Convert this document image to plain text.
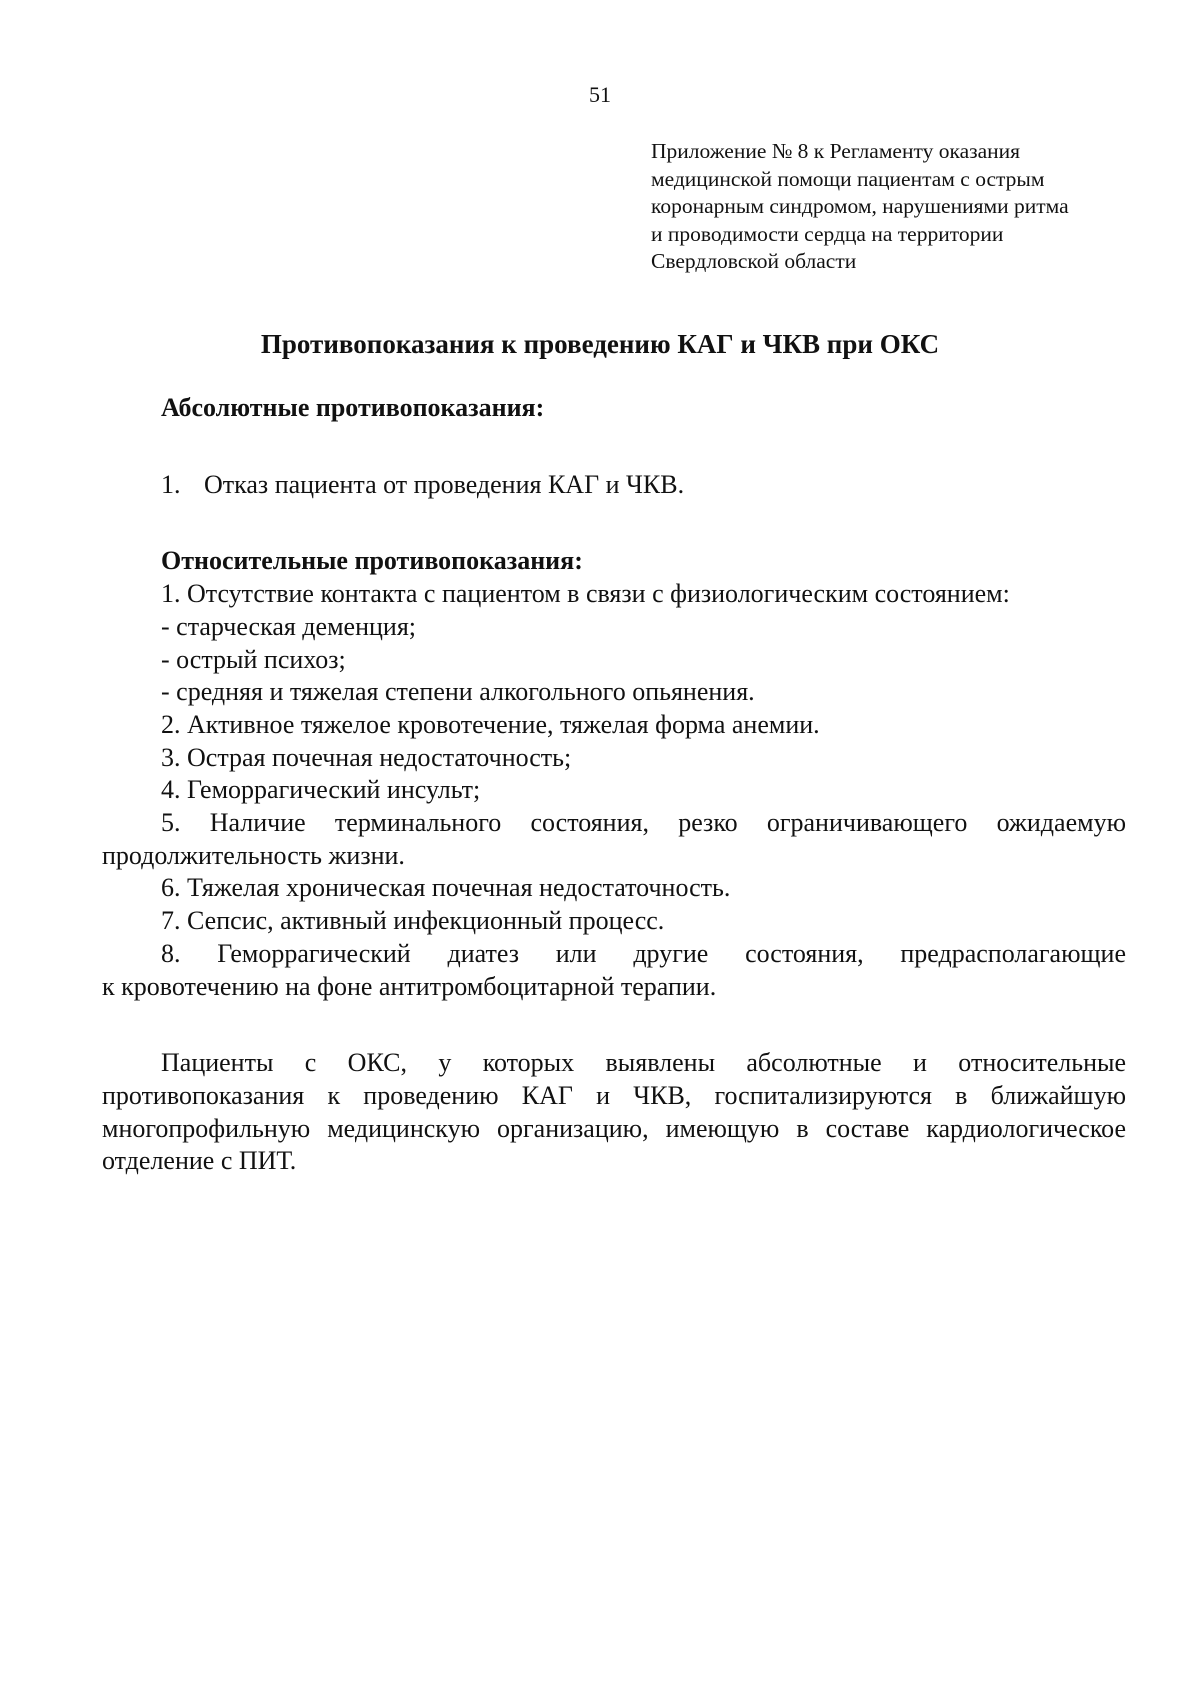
51
Приложение № 8 к Регламенту оказания
медицинской помощи пациентам с острым
коронарным синдромом, нарушениями ритма
и проводимости сердца на территории
Свердловской области
Противопоказания к проведению КАГ и ЧКВ при ОКС
Абсолютные противопоказания:
1. Отказ пациента от проведения КАГ и ЧКВ.
Относительные противопоказания:
1. Отсутствие контакта с пациентом в связи с физиологическим состоянием:
- старческая деменция;
- острый психоз;
- средняя и тяжелая степени алкогольного опьянения.
2. Активное тяжелое кровотечение, тяжелая форма анемии.
3. Острая почечная недостаточность;
4. Геморрагический инсульт;
5. Наличие терминального состояния, резко ограничивающего ожидаемую
продолжительность жизни.
6. Тяжелая хроническая почечная недостаточность.
7. Сепсис, активный инфекционный процесс.
8. Геморрагический диатез или другие состояния, предрасполагающие
к кровотечению на фоне антитромбоцитарной терапии.
Пациенты с ОКС, у которых выявлены абсолютные и относительные
противопоказания к проведению КАГ и ЧКВ, госпитализируются в ближайшую
многопрофильную медицинскую организацию, имеющую в составе кардиологическое
отделение с ПИТ.
